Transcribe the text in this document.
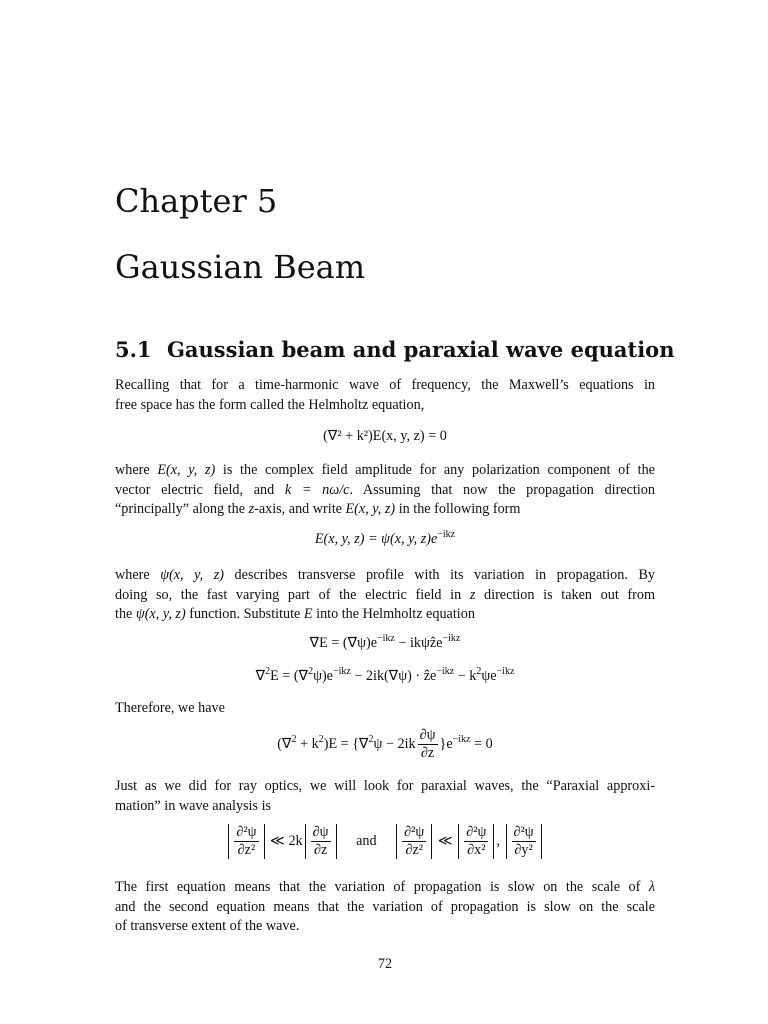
Chapter 5
Gaussian Beam
5.1 Gaussian beam and paraxial wave equation
Recalling that for a time-harmonic wave of frequency, the Maxwell’s equations in
free space has the form called the Helmholtz equation,
(∇² + k²)E(x, y, z) = 0
where E(x, y, z) is the complex field amplitude for any polarization component of the
vector electric field, and k = nω/c. Assuming that now the propagation direction
“principally” along the z-axis, and write E(x, y, z) in the following form
E(x, y, z) = ψ(x, y, $z)e^{-ikz}$
where ψ(x, y, z) describes transverse profile with its variation in propagation. By
doing so, the fast varying part of the electric field in z direction is taken out from
the ψ(x, y, z) function. Substitute E into the Helmholtz equation
$\nabla E = (\nabla\psi)e^{-ikz}$ − ikψẑe$^{-ikz}$
$\nabla^2E = (\nabla^2\psi)e^{-ikz} - 2ik(\nabla\psi)$ · ẑe$^{-ikz}$ − $k^2\psi e^{-ikz}$
Therefore, we have
$(\nabla^2 + k^2)E = \{\nabla^2\psi - 2ik \frac{\partial\psi}{\partial z} \}e^{-ikz} = 0$
Just as we did for ray optics, we will look for paraxial waves, the “Paraxial approxi-
mation” in wave analysis is
$\frac{\text{∂²ψ}}{\text{∂z²}}$ ≪ $2k \frac{\partial\psi}{\partial z}$ and $\frac{\text{∂²ψ}}{\text{∂z²}}$ ≪ $\frac{\text{∂²ψ}}{\text{∂x²}}$ , $\frac{\text{∂²ψ}}{\text{∂y²}}$
The first equation means that the variation of propagation is slow on the scale of λ
and the second equation means that the variation of propagation is slow on the scale
of transverse extent of the wave.
72
